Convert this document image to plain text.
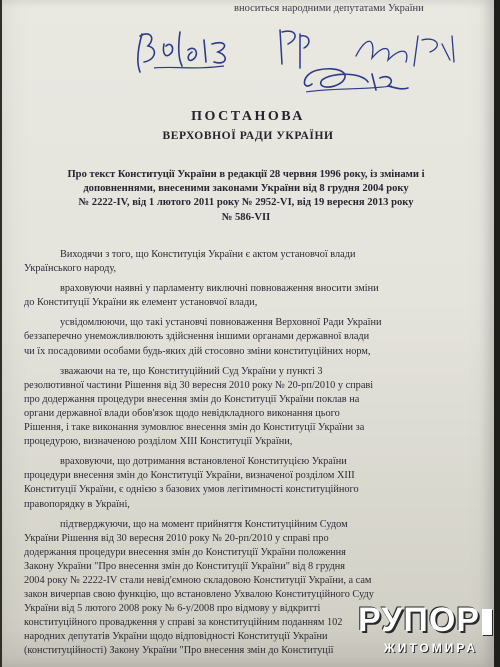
вноситься народними депутатами України
ПОСТАНОВА
ВЕРХОВНОЇ РАДИ УКРАЇНИ
Про текст Конституції України в редакції 28 червня 1996 року, із змінами і
доповненнями, внесеними законами України від 8 грудня 2004 року
№ 2222-IV, від 1 лютого 2011 року № 2952-VI, від 19 вересня 2013 року
№ 586-VII
Виходячи з того, що Конституція України є актом установчої влади
Українського народу,
враховуючи наявні у парламенту виключні повноваження вносити зміни
до Конституції України як елемент установчої влади,
усвідомлюючи, що такі установчі повноваження Верховної Ради України
беззаперечно унеможливлюють здійснення іншими органами державної влади
чи їх посадовими особами будь-яких дій стосовно зміни конституційних норм,
зважаючи на те, що Конституційний Суд України у пункті 3
резолютивної частини Рішення від 30 вересня 2010 року № 20-рп/2010 у справі
про додержання процедури внесення змін до Конституції України поклав на
органи державної влади обов'язок щодо невідкладного виконання цього
Рішення, і таке виконання зумовлює внесення змін до Конституції України за
процедурою, визначеною розділом XIII Конституції України,
враховуючи, що дотримання встановленої Конституцією України
процедури внесення змін до Конституції України, визначеної розділом XIII
Конституції України, є однією з базових умов легітимності конституційного
правопорядку в Україні,
підтверджуючи, що на момент прийняття Конституційним Судом
України Рішення від 30 вересня 2010 року № 20-рп/2010 у справі про
додержання процедури внесення змін до Конституції України положення
Закону України "Про внесення змін до Конституції України" від 8 грудня
2004 року № 2222-IV стали невід'ємною складовою Конституції України, а сам
закон вичерпав свою функцію, що встановлено Ухвалою Конституційного Суду
України від 5 лютого 2008 року № 6-у/2008 про відмову у відкритті
конституційного провадження у справі за конституційним поданням 102
народних депутатів України щодо відповідності Конституції України
(конституційності) Закону України "Про внесення змін до Конституції
РУПОР
ЖИТОМИРА
